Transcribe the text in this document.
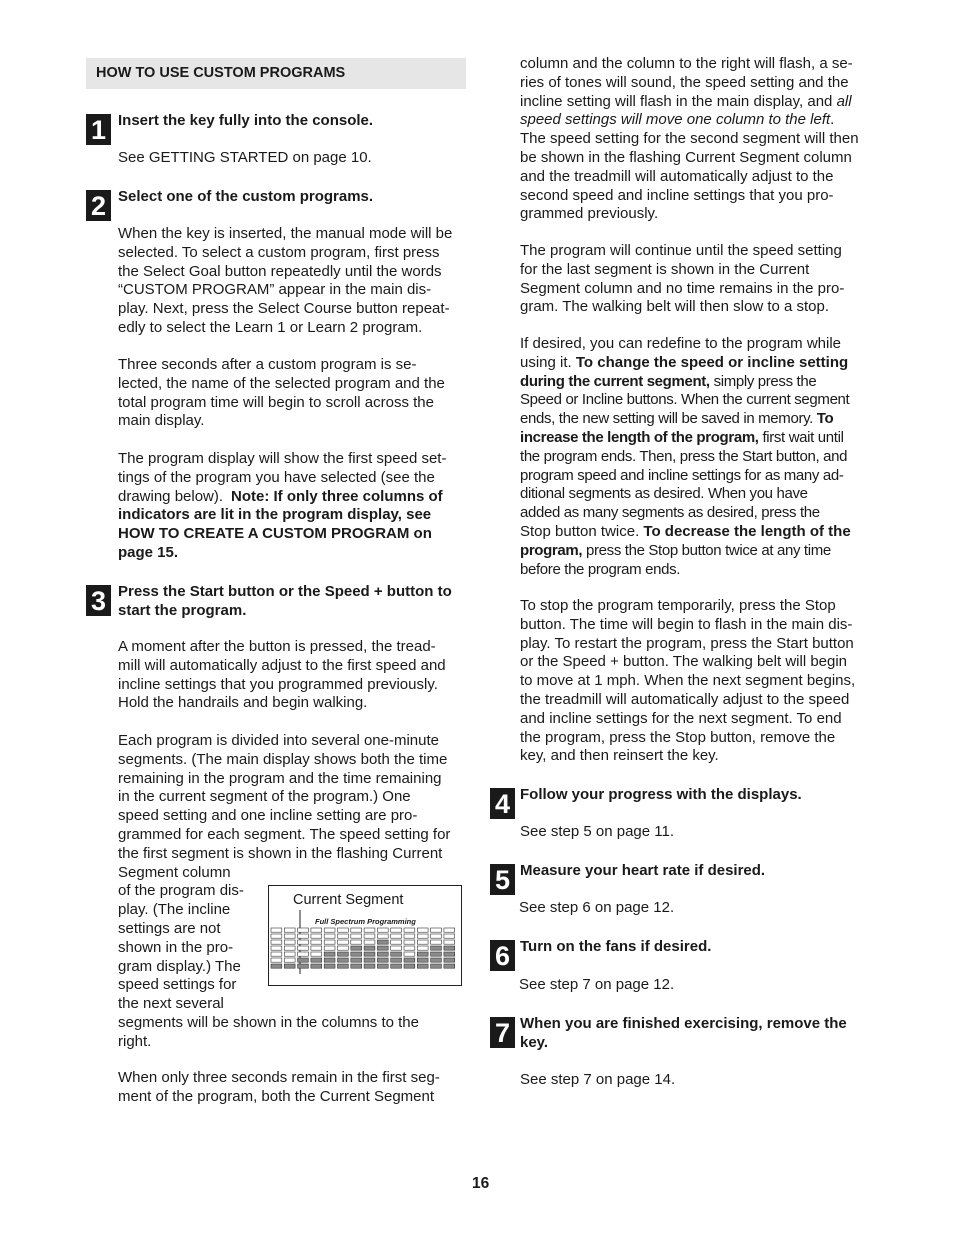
HOW TO USE CUSTOM PROGRAMS
1
2
3
4
5
6
7
Insert the key fully into the console.
Select one of the custom programs.
Press the Start button or the Speed + button to
start the program.
Follow your progress with the displays.
Measure your heart rate if desired.
Turn on the fans if desired.
When you are finished exercising, remove the
key.
See GETTING STARTED on page 10.
When the key is inserted, the manual mode will be
selected. To select a custom program, first press
the Select Goal button repeatedly until the words
“CUSTOM PROGRAM” appear in the main dis-
play. Next, press the Select Course button repeat-
edly to select the Learn 1 or Learn 2 program.
Three seconds after a custom program is se-
lected, the name of the selected program and the
total program time will begin to scroll across the
main display.
The program display will show the first speed set-
tings of the program you have selected (see the
drawing below). Note: If only three columns of
indicators are lit in the program display, see
HOW TO CREATE A CUSTOM PROGRAM on
page 15.
A moment after the button is pressed, the tread-
mill will automatically adjust to the first speed and
incline settings that you programmed previously.
Hold the handrails and begin walking.
Each program is divided into several one-minute
segments. (The main display shows both the time
remaining in the program and the time remaining
in the current segment of the program.) One
speed setting and one incline setting are pro-
grammed for each segment. The speed setting for
the first segment is shown in the flashing Current
Segment column
of the program dis-
play. (The incline
settings are not
shown in the pro-
gram display.) The
speed settings for
the next several
segments will be shown in the columns to the
right.
When only three seconds remain in the first seg-
ment of the program, both the Current Segment
Current Segment
Full Spectrum Programming
column and the column to the right will flash, a se-
ries of tones will sound, the speed setting and the
incline setting will flash in the main display, and all
speed settings will move one column to the left.
The speed setting for the second segment will then
be shown in the flashing Current Segment column
and the treadmill will automatically adjust to the
second speed and incline settings that you pro-
grammed previously.
The program will continue until the speed setting
for the last segment is shown in the Current
Segment column and no time remains in the pro-
gram. The walking belt will then slow to a stop.
If desired, you can redefine to the program while
using it. To change the speed or incline setting
during the current segment, simply press the
Speed or Incline buttons. When the current segment
ends, the new setting will be saved in memory. To
increase the length of the program, first wait until
the program ends. Then, press the Start button, and
program speed and incline settings for as many ad-
ditional segments as desired. When you have
added as many segments as desired, press the
Stop button twice. To decrease the length of the
program, press the Stop button twice at any time
before the program ends.
To stop the program temporarily, press the Stop
button. The time will begin to flash in the main dis-
play. To restart the program, press the Start button
or the Speed + button. The walking belt will begin
to move at 1 mph. When the next segment begins,
the treadmill will automatically adjust to the speed
and incline settings for the next segment. To end
the program, press the Stop button, remove the
key, and then reinsert the key.
See step 5 on page 11.
See step 6 on page 12.
See step 7 on page 12.
See step 7 on page 14.
16
